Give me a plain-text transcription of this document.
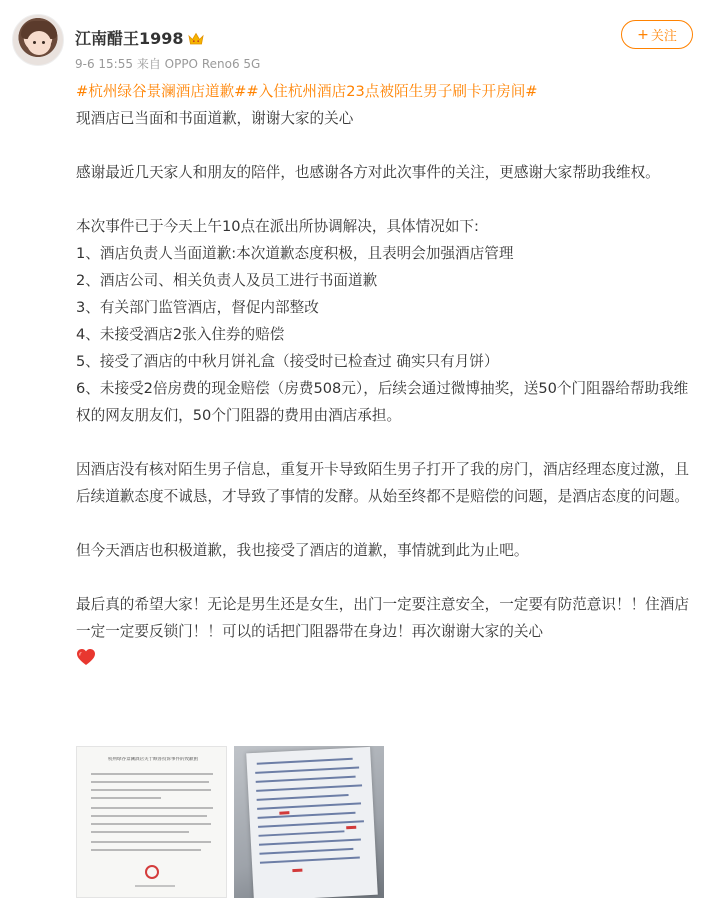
江南醋王1998
9-6 15:55 来自 OPPO Reno6 5G
+ 关注

#杭州绿谷景澜酒店道歉##入住杭州酒店23点被陌生男子刷卡开房间#

现酒店已当面和书面道歉，谢谢大家的关心

感谢最近几天家人和朋友的陪伴，也感谢各方对此次事件的关注，更感谢大家帮助我维权。

本次事件已于今天上午10点在派出所协调解决，具体情况如下:

1、酒店负责人当面道歉:本次道歉态度积极，且表明会加强酒店管理

2、酒店公司、相关负责人及员工进行书面道歉

3、有关部门监管酒店，督促内部整改

4、未接受酒店2张入住券的赔偿

5、接受了酒店的中秋月饼礼盒（接受时已检查过 确实只有月饼）

6、未接受2倍房费的现金赔偿（房费508元），后续会通过微博抽奖，送50个门阻器给帮助我维权的网友朋友们，50个门阻器的费用由酒店承担。

因酒店没有核对陌生男子信息，重复开卡导致陌生男子打开了我的房门，酒店经理态度过激，且后续道歉态度不诚恳，才导致了事情的发酵。从始至终都不是赔偿的问题，是酒店态度的问题。

但今天酒店也积极道歉，我也接受了酒店的道歉，事情就到此为止吧。

最后真的希望大家！无论是男生还是女生，出门一定要注意安全，一定要有防范意识！！住酒店一定一定要反锁门！！可以的话把门阻器带在身边！再次谢谢大家的关心

杭州绿谷景澜酒店关于顾客投诉事件的致歉函
